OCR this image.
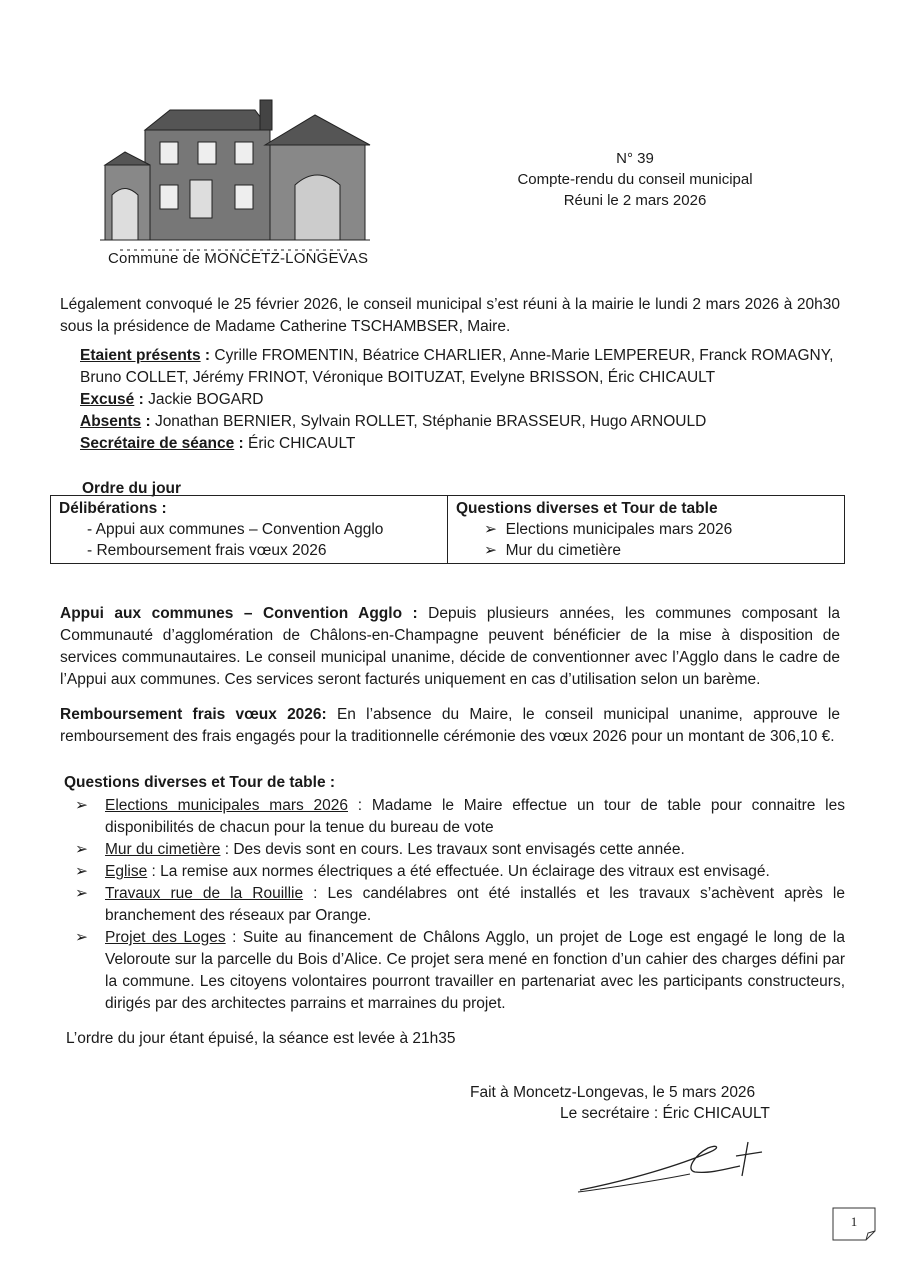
Commune de MONCETZ-LONGEVAS
N° 39
Compte-rendu du conseil municipal
Réuni le 2 mars 2026

Légalement convoqué le 25 février 2026, le conseil municipal s’est réuni à la mairie le lundi 2 mars 2026 à 20h30 sous la présidence de Madame Catherine TSCHAMBSER, Maire.

Etaient présents : Cyrille FROMENTIN, Béatrice CHARLIER, Anne-Marie LEMPEREUR, Franck ROMAGNY, Bruno COLLET, Jérémy FRINOT, Véronique BOITUZAT, Evelyne BRISSON, Éric CHICAULT
Excusé : Jackie BOGARD
Absents : Jonathan BERNIER, Sylvain ROLLET, Stéphanie BRASSEUR, Hugo ARNOULD
Secrétaire de séance : Éric CHICAULT
Ordre du jour
Délibérations :
- Appui aux communes – Convention Agglo
- Remboursement frais vœux 2026

Questions diverses et Tour de table
➢  Elections municipales mars 2026
➢  Mur du cimetière

Appui aux communes – Convention Agglo : Depuis plusieurs années, les communes composant la Communauté d’agglomération de Châlons-en-Champagne peuvent bénéficier de la mise à disposition de services communautaires. Le conseil municipal unanime, décide de conventionner avec l’Agglo dans le cadre de l’Appui aux communes. Ces services seront facturés uniquement en cas d’utilisation selon un barème.

Remboursement frais vœux 2026: En l’absence du Maire, le conseil municipal unanime, approuve le remboursement des frais engagés pour la traditionnelle cérémonie des vœux 2026 pour un montant de 306,10 €.

Questions diverses et Tour de table :
➢	Elections municipales mars 2026 : Madame le Maire effectue un tour de table pour connaitre les disponibilités de chacun pour la tenue du bureau de vote
➢	Mur du cimetière : Des devis sont en cours. Les travaux sont envisagés cette année.
➢	Eglise : La remise aux normes électriques a été effectuée. Un éclairage des vitraux est envisagé.
➢	Travaux rue de la Rouillie : Les candélabres ont été installés et les travaux s’achèvent après le branchement des réseaux par Orange.
➢	Projet des Loges : Suite au financement de Châlons Agglo, un projet de Loge est engagé le long de la Veloroute sur la parcelle du Bois d’Alice. Ce projet sera mené en fonction d’un cahier des charges défini par la commune. Les citoyens volontaires pourront travailler en partenariat avec les participants constructeurs, dirigés par des architectes parrains et marraines du projet.
L’ordre du jour étant épuisé, la séance est levée à 21h35
Fait à Moncetz-Longevas, le 5 mars 2026
Le secrétaire : Éric CHICAULT
1
